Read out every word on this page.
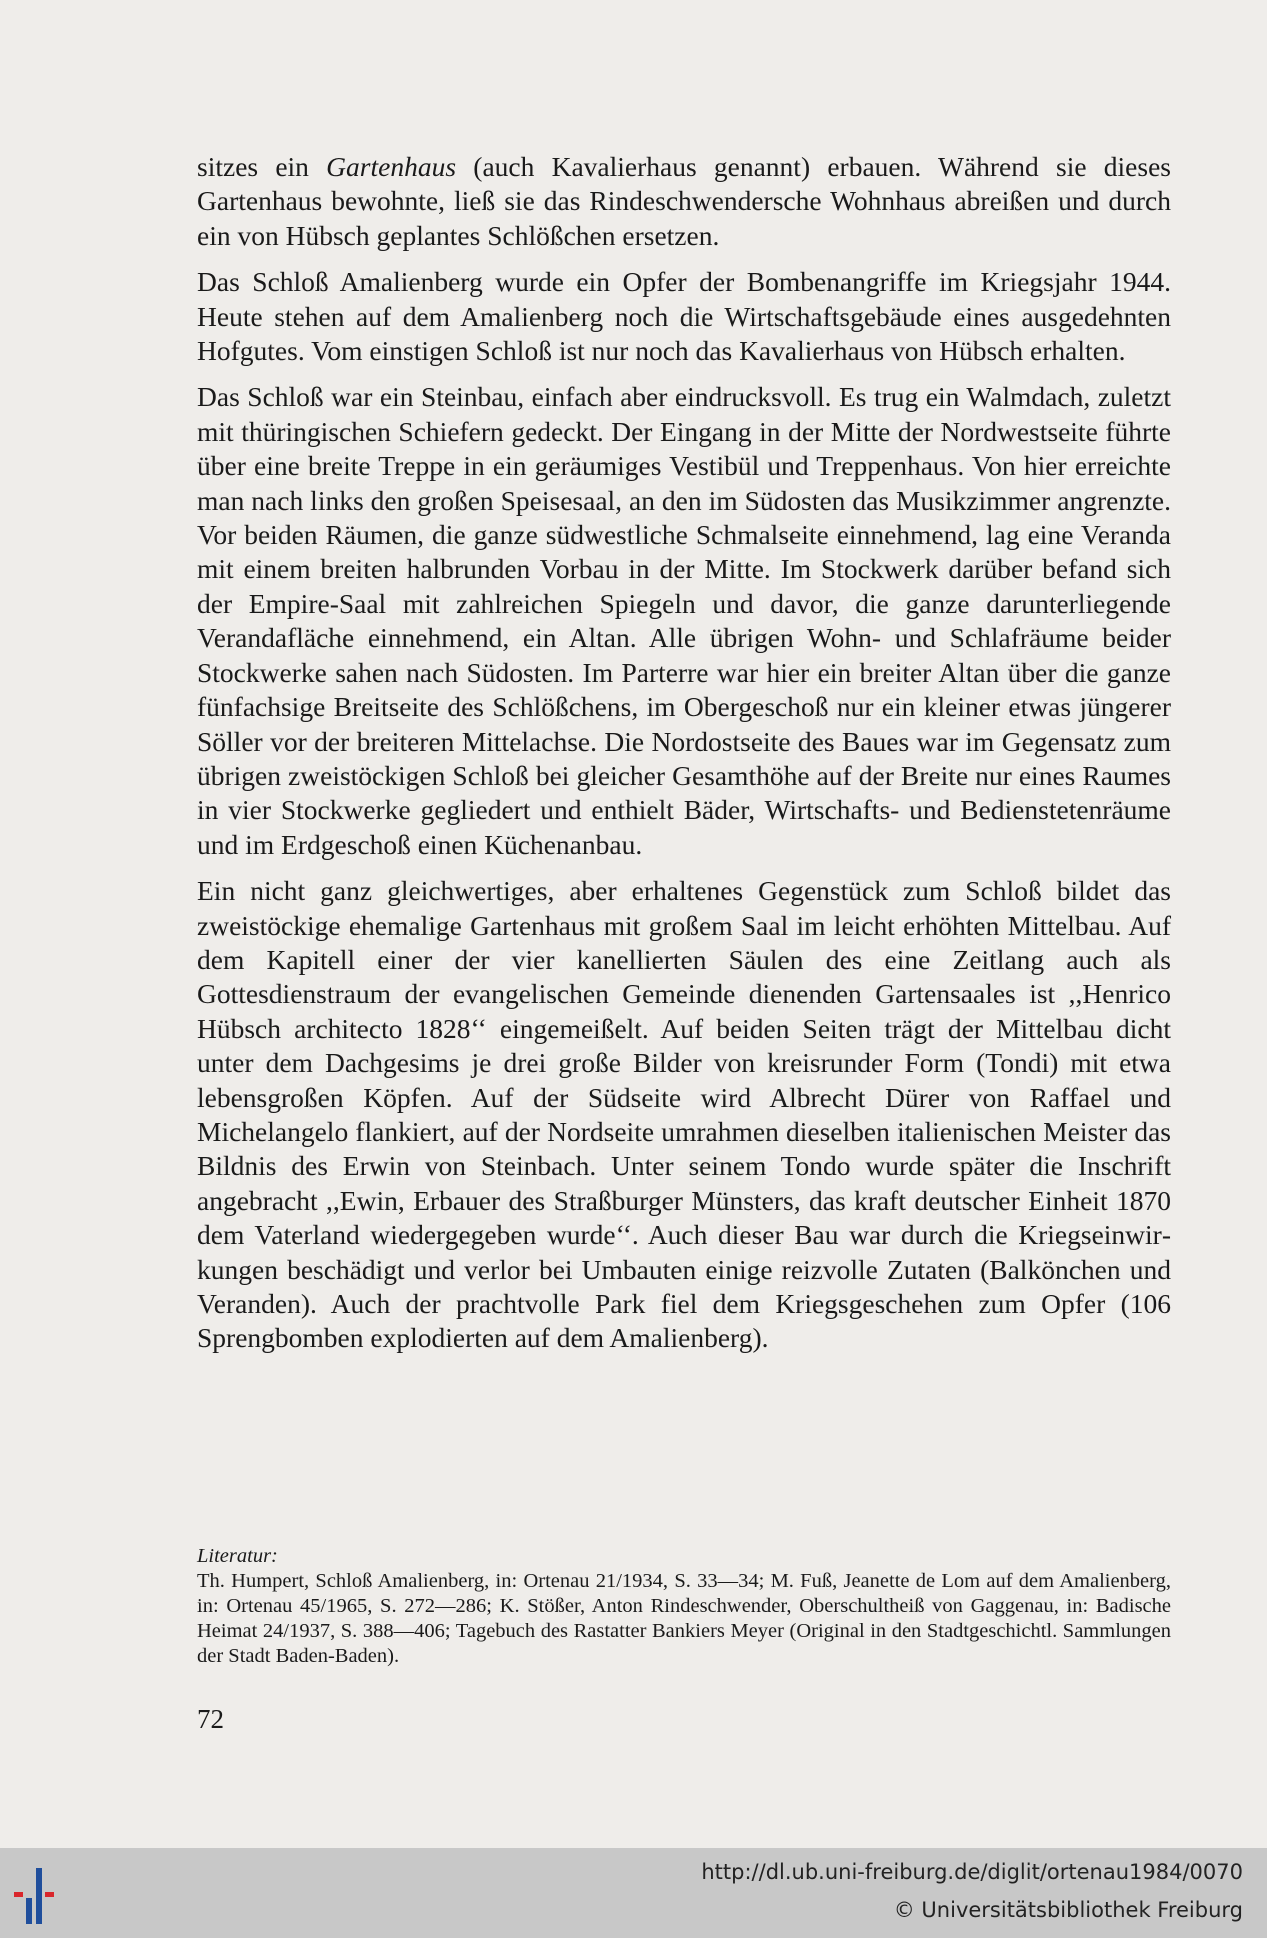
sitzes ein Gartenhaus (auch Kavalierhaus genannt) erbauen. Während sie dieses Gartenhaus bewohnte, ließ sie das Rindeschwendersche Wohnhaus abreißen und durch ein von Hübsch geplantes Schlößchen ersetzen.

Das Schloß Amalienberg wurde ein Opfer der Bombenangriffe im Kriegsjahr 1944. Heute stehen auf dem Amalienberg noch die Wirtschaftsgebäude eines ausgedehnten Hofgutes. Vom einstigen Schloß ist nur noch das Kavalierhaus von Hübsch erhalten.

Das Schloß war ein Steinbau, einfach aber eindrucksvoll. Es trug ein Walmdach, zuletzt mit thüringischen Schiefern gedeckt. Der Eingang in der Mitte der Nordwestseite führte über eine breite Treppe in ein geräumiges Vestibül und Treppenhaus. Von hier erreichte man nach links den großen Speisesaal, an den im Südosten das Musikzimmer angrenzte. Vor beiden Räumen, die ganze südwestliche Schmalseite einnehmend, lag eine Veranda mit einem breiten halbrunden Vorbau in der Mitte. Im Stockwerk darüber befand sich der Empire-Saal mit zahlreichen Spiegeln und davor, die ganze darunterliegende Verandafläche einnehmend, ein Altan. Alle übrigen Wohn- und Schlafräume beider Stockwerke sahen nach Südosten. Im Parterre war hier ein breiter Altan über die ganze fünfachsige Breitseite des Schlößchens, im Obergeschoß nur ein kleiner etwas jüngerer Söller vor der breiteren Mittelachse. Die Nordostseite des Baues war im Gegensatz zum übrigen zweistöckigen Schloß bei gleicher Gesamthöhe auf der Breite nur eines Raumes in vier Stockwerke gegliedert und enthielt Bäder, Wirtschafts- und Bedienstetenräume und im Erdgeschoß einen Küchenanbau.

Ein nicht ganz gleichwertiges, aber erhaltenes Gegenstück zum Schloß bildet das zweistöckige ehemalige Gartenhaus mit großem Saal im leicht erhöhten Mittelbau. Auf dem Kapitell einer der vier kanellierten Säulen des eine Zeitlang auch als Gottesdienstraum der evangelischen Gemeinde dienenden Gartensaales ist ,,Henrico Hübsch architecto 1828‘‘ eingemeißelt. Auf beiden Seiten trägt der Mittelbau dicht unter dem Dachgesims je drei große Bilder von kreisrunder Form (Tondi) mit etwa lebensgroßen Köpfen. Auf der Südseite wird Albrecht Dürer von Raffael und Michelangelo flankiert, auf der Nordseite umrahmen dieselben italienischen Meister das Bildnis des Erwin von Steinbach. Unter seinem Tondo wurde später die Inschrift angebracht ,,Ewin, Erbauer des Straßburger Münsters, das kraft deutscher Einheit 1870 dem Vaterland wiedergegeben wurde‘‘. Auch dieser Bau war durch die Kriegseinwirkungen beschädigt und verlor bei Umbauten einige reizvolle Zutaten (Balkönchen und Veranden). Auch der prachtvolle Park fiel dem Kriegsgeschehen zum Opfer (106 Sprengbomben explodierten auf dem Amalienberg).

Literatur:

Th. Humpert, Schloß Amalienberg, in: Ortenau 21/1934, S. 33—34; M. Fuß, Jeanette de Lom auf dem Amalienberg, in: Ortenau 45/1965, S. 272—286; K. Stößer, Anton Rindeschwender, Oberschultheiß von Gaggenau, in: Badische Heimat 24/1937, S. 388—406; Tagebuch des Rastatter Bankiers Meyer (Original in den Stadtgeschichtl. Sammlungen der Stadt Baden-Baden).

72
http://dl.ub.uni-freiburg.de/diglit/ortenau1984/0070
© Universitätsbibliothek Freiburg
